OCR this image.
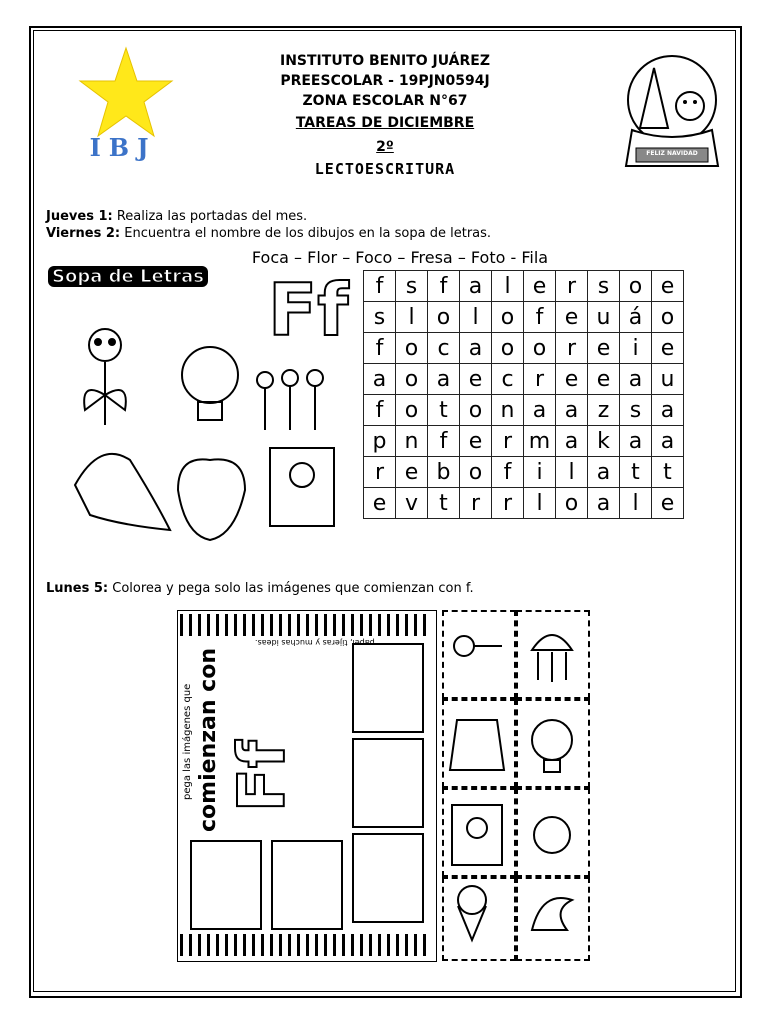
IBJ
INSTITUTO BENITO JUÁREZ
PREESCOLAR - 19PJN0594J
ZONA ESCOLAR N°67
TAREAS DE DICIEMBRE
2º
LECTOESCRITURA
FELIZ NAVIDAD
Jueves 1: Realiza las portadas del mes.
Viernes 2: Encuentra el nombre de los dibujos en la sopa de letras.
Foca – Flor – Foco – Fresa – Foto - Fila
Sopa de Letras Ff f	s	f	a	l	e	r	s	o	e
s	l	o	l	o	f	e	u	á	o
f	o	c	a	o	o	r	e	i	e
a	o	a	e	c	r	e	e	a	u
f	o	t	o	n	a	a	z	s	a
p	n	f	e	r	m	a	k	a	a
r	e	b	o	f	i	l	a	t	t
e	v	t	r	r	l	o	a	l	e
Lunes 5: Colorea y pega solo las imágenes que comienzan con f.
papel, tijeras y muchas ideas.
pega las imágenes que comienzan con Ff
